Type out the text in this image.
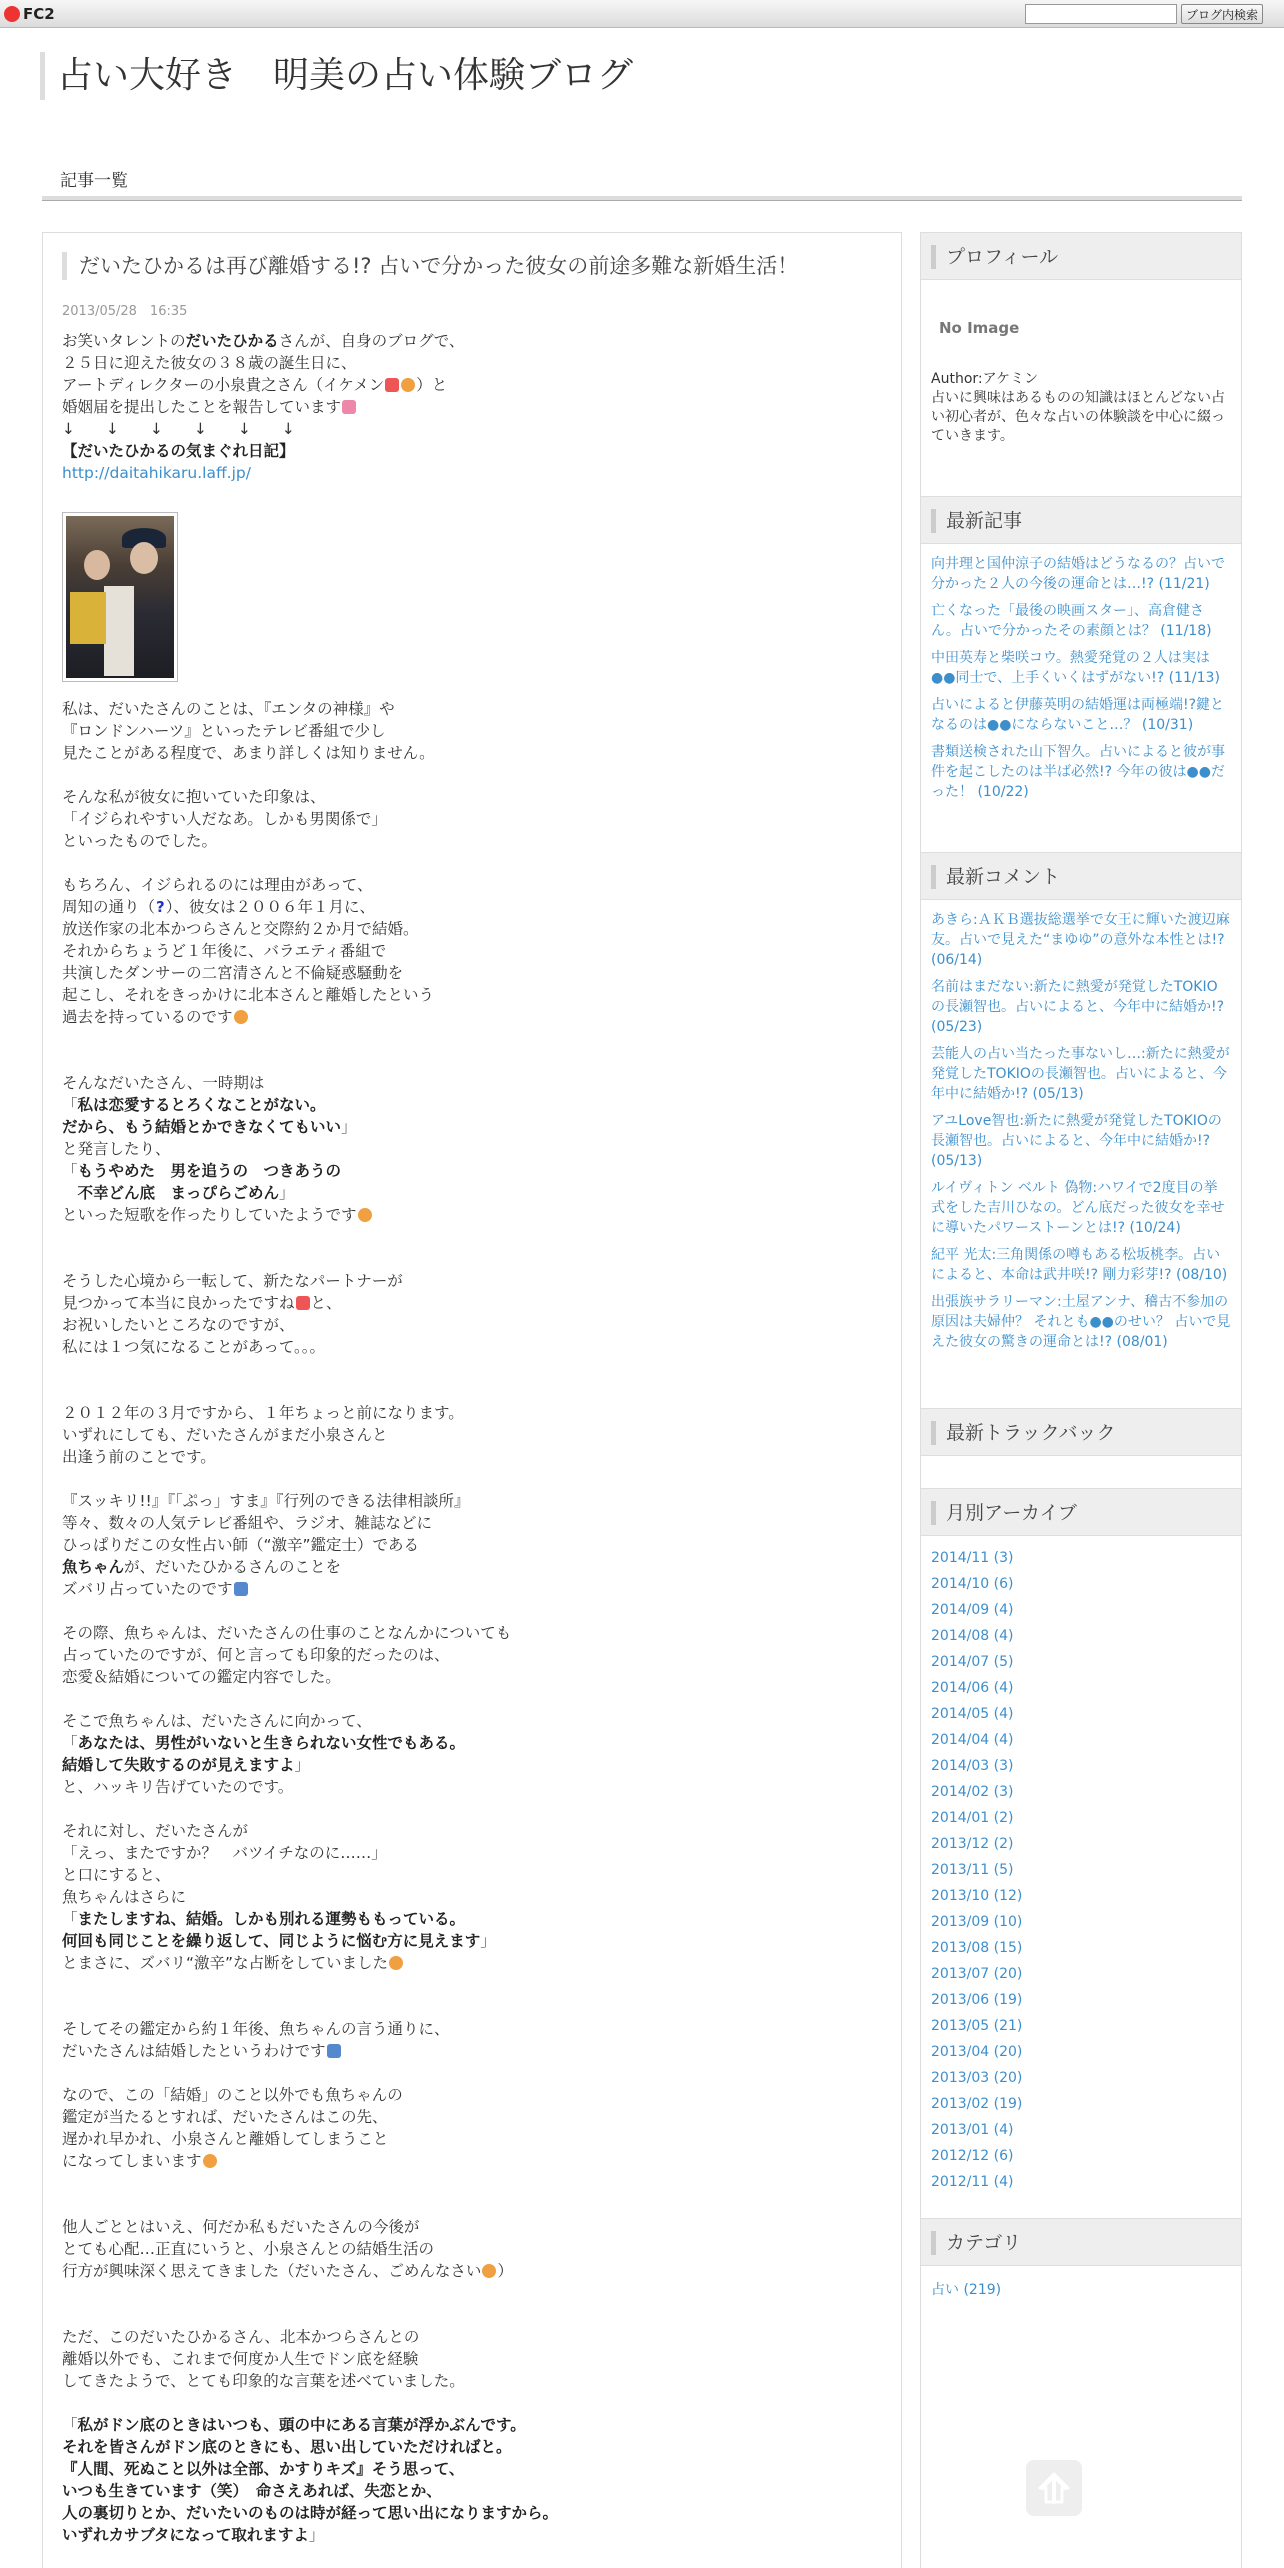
FC2	ブログ内検索
占い大好き　明美の占い体験ブログ
記事一覧
だいたひかるは再び離婚する!? 占いで分かった彼女の前途多難な新婚生活！
2013/05/28　16:35
お笑いタレントのだいたひかるさんが、自身のブログで、
２５日に迎えた彼女の３８歳の誕生日に、
アートディレクターの小泉貴之さん（イケメン ）と
婚姻届を提出したことを報告しています
↓　　↓　　↓　　↓　　↓　　↓
【だいたひかるの気まぐれ日記】
http://daitahikaru.laff.jp/
私は、だいたさんのことは、『エンタの神様』や
『ロンドンハーツ』といったテレビ番組で少し
見たことがある程度で、あまり詳しくは知りません。
そんな私が彼女に抱いていた印象は、
「イジられやすい人だなあ。しかも男関係で」
といったものでした。
もちろん、イジられるのには理由があって、
周知の通り（?）、彼女は２００６年１月に、
放送作家の北本かつらさんと交際約２か月で結婚。
それからちょうど１年後に、バラエティ番組で
共演したダンサーの二宮清さんと不倫疑惑騒動を
起こし、それをきっかけに北本さんと離婚したという
過去を持っているのです
そんなだいたさん、一時期は
「私は恋愛するとろくなことがない。
だから、もう結婚とかできなくてもいい」
と発言したり、
「もうやめた　男を追うの　つきあうの
　不幸どん底　まっぴらごめん」
といった短歌を作ったりしていたようです
そうした心境から一転して、新たなパートナーが
見つかって本当に良かったですね と、
お祝いしたいところなのですが、
私には１つ気になることがあって。。。
２０１２年の３月ですから、１年ちょっと前になります。
いずれにしても、だいたさんがまだ小泉さんと
出逢う前のことです。
『スッキリ!!』『「ぷっ」すま』『行列のできる法律相談所』
等々、数々の人気テレビ番組や、ラジオ、雑誌などに
ひっぱりだこの女性占い師（“激辛”鑑定士）である
魚ちゃんが、だいたひかるさんのことを
ズバリ占っていたのです
その際、魚ちゃんは、だいたさんの仕事のことなんかについても
占っていたのですが、何と言っても印象的だったのは、
恋愛＆結婚についての鑑定内容でした。
そこで魚ちゃんは、だいたさんに向かって、
「あなたは、男性がいないと生きられない女性でもある。
結婚して失敗するのが見えますよ」
と、ハッキリ告げていたのです。
それに対し、だいたさんが
「えっ、またですか？　バツイチなのに……」
と口にすると、
魚ちゃんはさらに
「またしますね、結婚。しかも別れる運勢ももっている。
何回も同じことを繰り返して、同じように悩む方に見えます」
とまさに、ズバリ“激辛”な占断をしていました
そしてその鑑定から約１年後、魚ちゃんの言う通りに、
だいたさんは結婚したというわけです
なので、この「結婚」のこと以外でも魚ちゃんの
鑑定が当たるとすれば、だいたさんはこの先、
遅かれ早かれ、小泉さんと離婚してしまうこと
になってしまいます
他人ごととはいえ、何だか私もだいたさんの今後が
とても心配…正直にいうと、小泉さんとの結婚生活の
行方が興味深く思えてきました（だいたさん、ごめんなさい ）
ただ、このだいたひかるさん、北本かつらさんとの
離婚以外でも、これまで何度か人生でドン底を経験
してきたようで、とても印象的な言葉を述べていました。
「私がドン底のときはいつも、頭の中にある言葉が浮かぶんです。
それを皆さんがドン底のときにも、思い出していただければと。
『人間、死ぬこと以外は全部、かすりキズ』そう思って、
いつも生きています（笑）　命さえあれば、失恋とか、
人の裏切りとか、だいたいのものは時が経って思い出になりますから。
いずれカサブタになって取れますよ」
プロフィール
No Image
Author:アケミン
占いに興味はあるものの知識はほとんどない占い初心者が、色々な占いの体験談を中心に綴っていきます。
最新記事
向井理と国仲涼子の結婚はどうなるの？占いで分かった２人の今後の運命とは…!? (11/21)
亡くなった「最後の映画スター」、高倉健さん。占いで分かったその素顔とは？ (11/18)
中田英寿と柴咲コウ。熱愛発覚の２人は実は●●同士で、上手くいくはずがない!? (11/13)
占いによると伊藤英明の結婚運は両極端!?鍵となるのは●●にならないこと…？ (10/31)
書類送検された山下智久。占いによると彼が事件を起こしたのは半ば必然!? 今年の彼は●●だった！ (10/22)
最新コメント
あきら:ＡＫＢ選抜総選挙で女王に輝いた渡辺麻友。占いで見えた“まゆゆ”の意外な本性とは!? (06/14)
名前はまだない:新たに熱愛が発覚したTOKIOの長瀬智也。占いによると、今年中に結婚か!? (05/23)
芸能人の占い当たった事ないし…:新たに熱愛が発覚したTOKIOの長瀬智也。占いによると、今年中に結婚か!? (05/13)
アユLove智也:新たに熱愛が発覚したTOKIOの長瀬智也。占いによると、今年中に結婚か!? (05/13)
ルイヴィトン ベルト 偽物:ハワイで2度目の挙式をした吉川ひなの。どん底だった彼女を幸せに導いたパワーストーンとは!? (10/24)
紀平 光太:三角関係の噂もある松坂桃李。占いによると、本命は武井咲!? 剛力彩芽!? (08/10)
出張族サラリーマン:土屋アンナ、稽古不参加の原因は夫婦仲？ それとも●●のせい？ 占いで見えた彼女の驚きの運命とは!? (08/01)
最新トラックバック
月別アーカイブ
2014/11 (3)
2014/10 (6)
2014/09 (4)
2014/08 (4)
2014/07 (5)
2014/06 (4)
2014/05 (4)
2014/04 (4)
2014/03 (3)
2014/02 (3)
2014/01 (2)
2013/12 (2)
2013/11 (5)
2013/10 (12)
2013/09 (10)
2013/08 (15)
2013/07 (20)
2013/06 (19)
2013/05 (21)
2013/04 (20)
2013/03 (20)
2013/02 (19)
2013/01 (4)
2012/12 (6)
2012/11 (4)
カテゴリ
占い (219)
